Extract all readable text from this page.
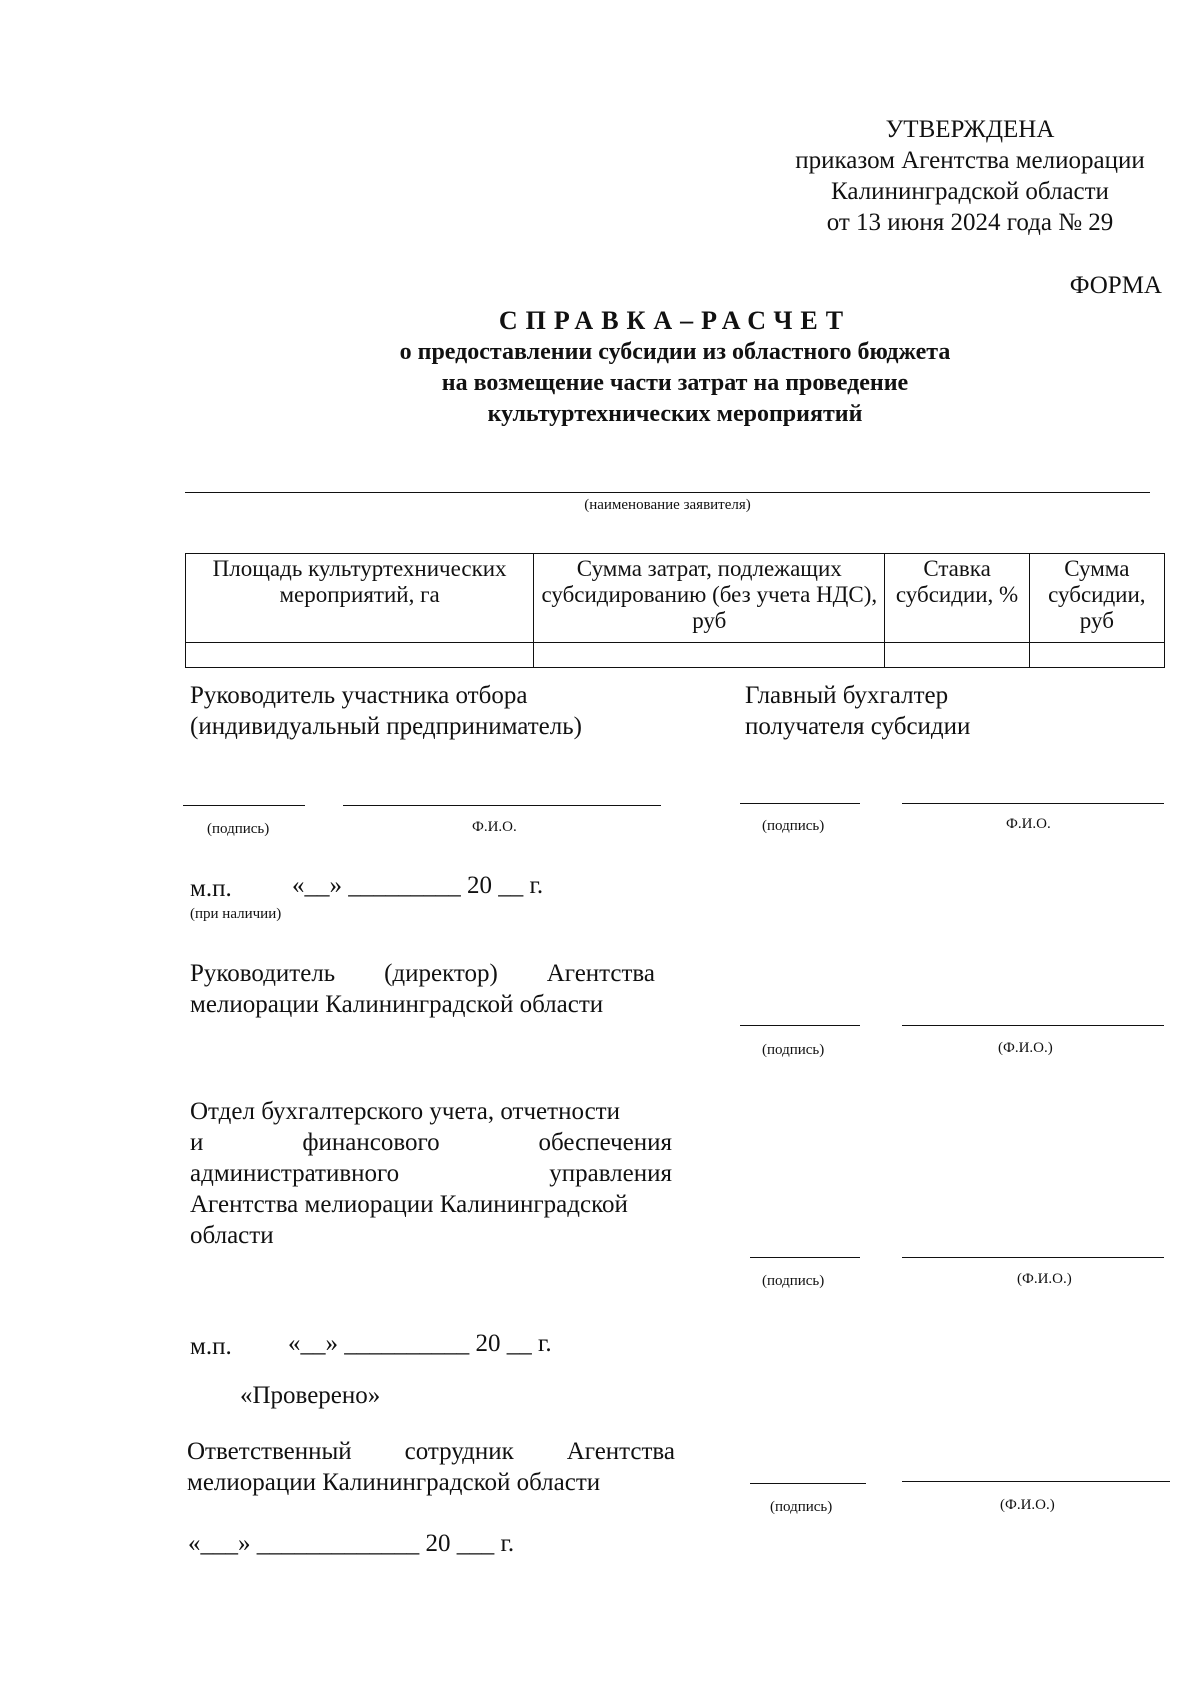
УТВЕРЖДЕНА
приказом Агентства мелиорации
Калининградской области
от 13 июня 2024 года № 29
ФОРМА
СПРАВКА–РАСЧЕТ
о предоставлении субсидии из областного бюджета
на возмещение части затрат на проведение
культуртехнических мероприятий
(наименование заявителя)
Площадь культуртехнических мероприятий, га	Сумма затрат, подлежащих субсидированию (без учета НДС), руб	Ставка субсидии, %	Сумма субсидии, руб

Руководитель участника отбора
(индивидуальный предприниматель)
Главный бухгалтер
получателя субсидии
(подпись)	Ф.И.О.	(подпись)	Ф.И.О.
м.п. «__» _________ 20 __ г.
(при наличии)
Руководитель (директор) Агентства
мелиорации Калининградской области
(подпись)	(Ф.И.О.)
Отдел бухгалтерского учета, отчетности
и	финансового	обеспечения
административного	управления
Агентства мелиорации Калининградской
области
(подпись)	(Ф.И.О.)
м.п. «__» __________ 20 __ г.
«Проверено»
Ответственный сотрудник Агентства
мелиорации Калининградской области
(подпись)	(Ф.И.О.)
«___» _____________ 20 ___ г.
